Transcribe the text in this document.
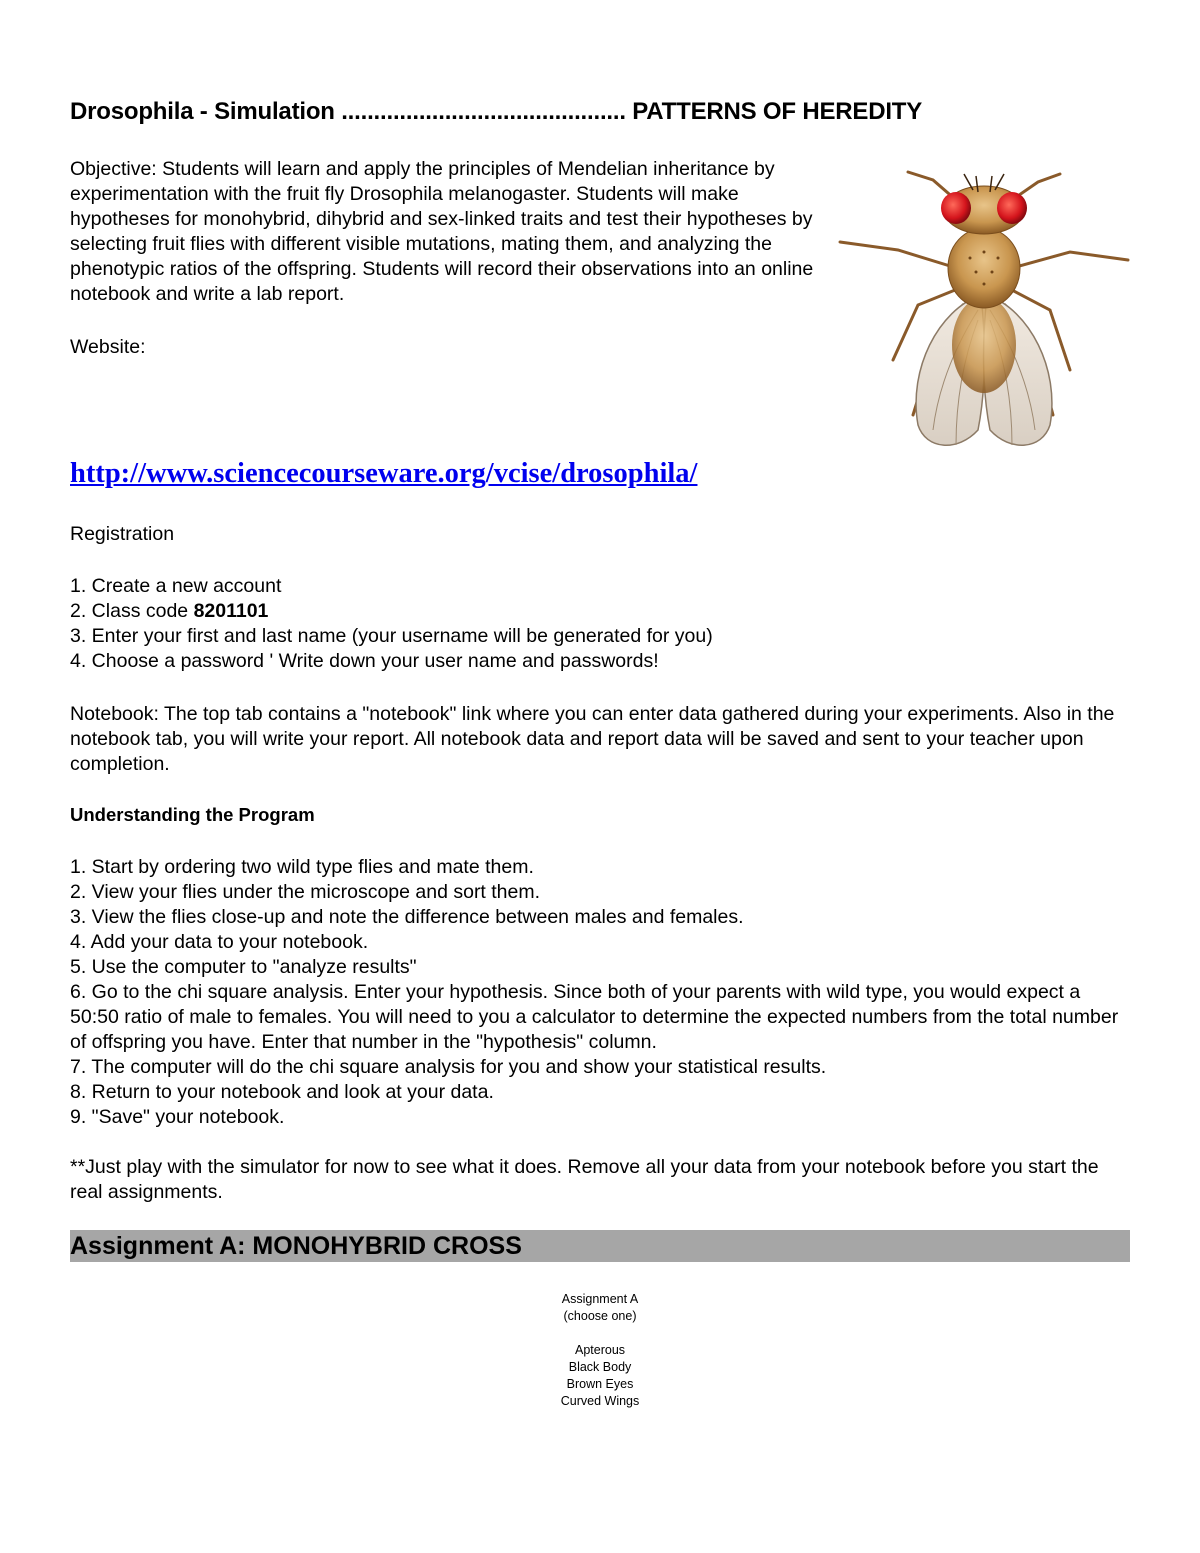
Drosophila - Simulation ............................................ PATTERNS OF HEREDITY
Objective: Students will learn and apply the principles of Mendelian inheritance by experimentation with the fruit fly Drosophila melanogaster. Students will make hypotheses for monohybrid, dihybrid and sex-linked traits and test their hypotheses by selecting fruit flies with different visible mutations, mating them, and analyzing the phenotypic ratios of the offspring. Students will record their observations into an online notebook and write a lab report.
Website:
http://www.sciencecourseware.org/vcise/drosophila/
Registration
1. Create a new account
2. Class code 8201101
3. Enter your first and last name (your username will be generated for you)
4. Choose a password ' Write down your user name and passwords!
Notebook: The top tab contains a "notebook" link where you can enter data gathered during your experiments. Also in the notebook tab, you will write your report. All notebook data and report data will be saved and sent to your teacher upon completion.
Understanding the Program
1. Start by ordering two wild type flies and mate them.
2. View your flies under the microscope and sort them.
3. View the flies close-up and note the difference between males and females.
4. Add your data to your notebook.
5. Use the computer to "analyze results"
6. Go to the chi square analysis. Enter your hypothesis. Since both of your parents with wild type, you would expect a 50:50 ratio of male to females. You will need to you a calculator to determine the expected numbers from the total number of offspring you have. Enter that number in the "hypothesis" column.
7. The computer will do the chi square analysis for you and show your statistical results.
8. Return to your notebook and look at your data.
9. "Save" your notebook.
**Just play with the simulator for now to see what it does. Remove all your data from your notebook before you start the real assignments.
Assignment A: MONOHYBRID CROSS
Assignment A
(choose one)
Apterous
Black Body
Brown Eyes
Curved Wings
